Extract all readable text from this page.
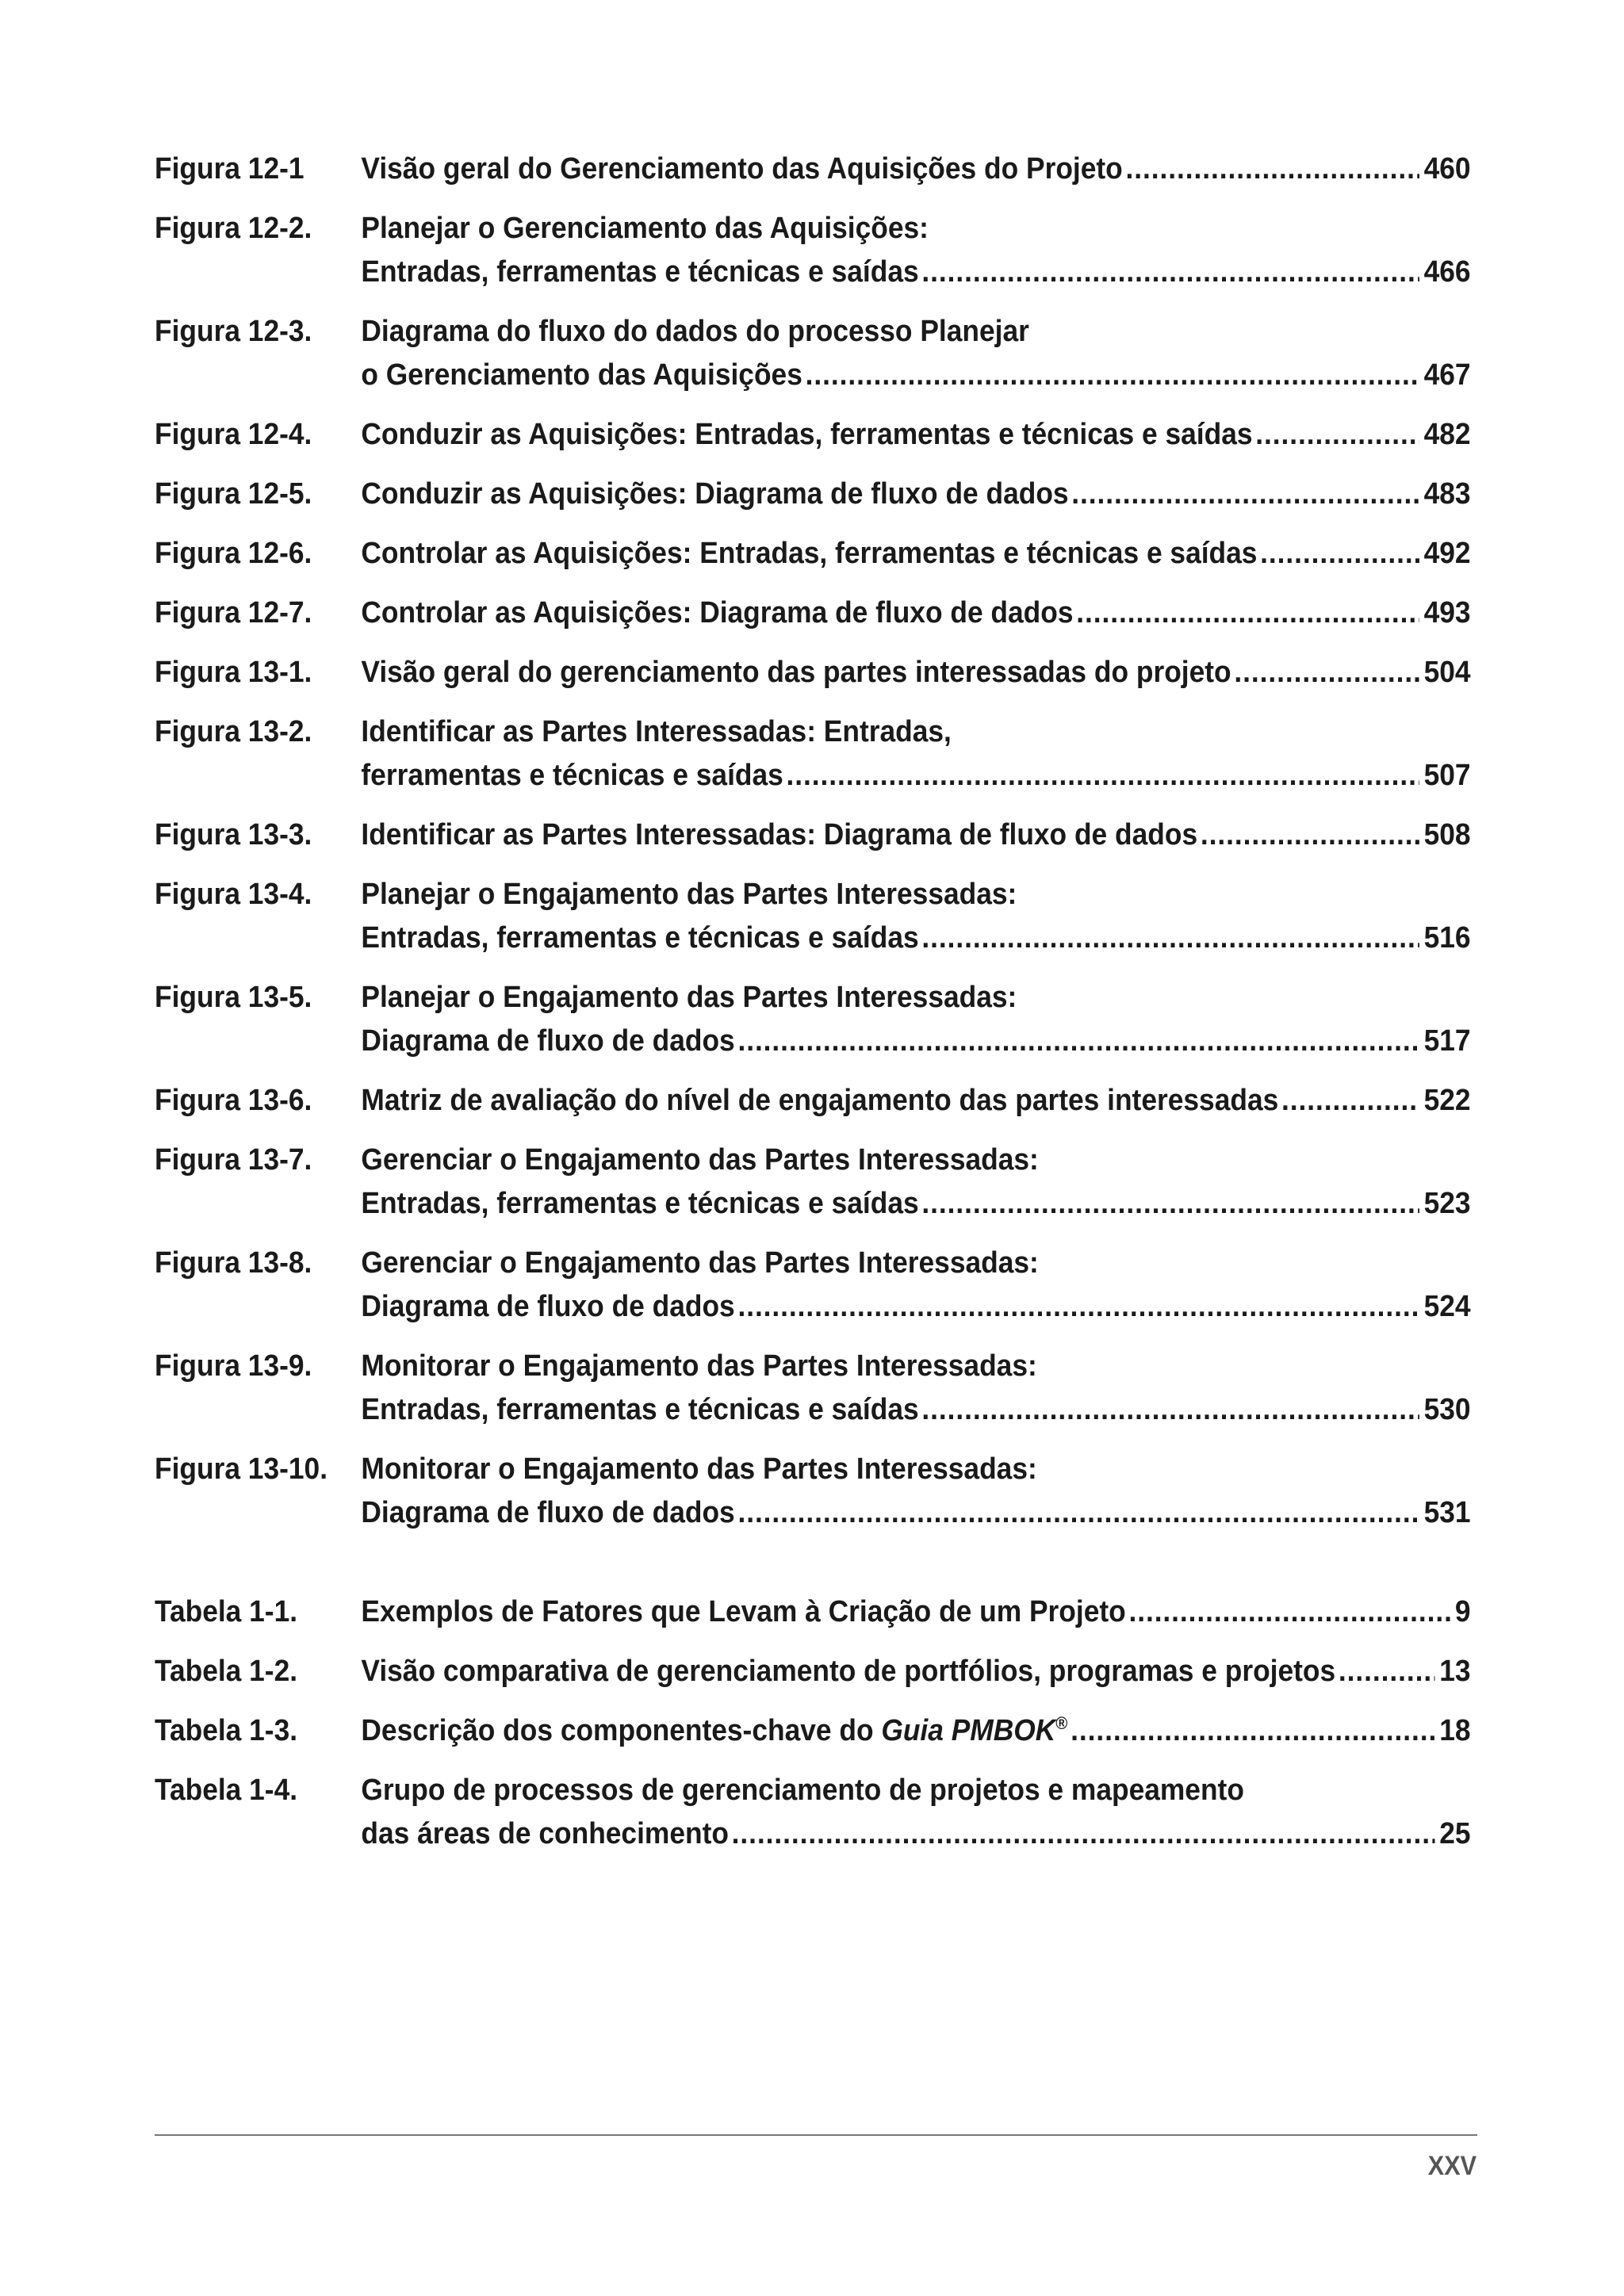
Figura 12-1	Visão geral do Gerenciamento das Aquisições do Projeto .....	460
Figura 12-2.	Planejar o Gerenciamento das Aquisições:
Entradas, ferramentas e técnicas e saídas .....	466
Figura 12-3.	Diagrama do fluxo do dados do processo Planejar
o Gerenciamento das Aquisições .....	467
Figura 12-4.	Conduzir as Aquisições: Entradas, ferramentas e técnicas e saídas .....	482
Figura 12-5.	Conduzir as Aquisições: Diagrama de fluxo de dados .....	483
Figura 12-6.	Controlar as Aquisições: Entradas, ferramentas e técnicas e saídas .....	492
Figura 12-7.	Controlar as Aquisições: Diagrama de fluxo de dados .....	493
Figura 13-1.	Visão geral do gerenciamento das partes interessadas do projeto .....	504
Figura 13-2.	Identificar as Partes Interessadas: Entradas,
ferramentas e técnicas e saídas .....	507
Figura 13-3.	Identificar as Partes Interessadas: Diagrama de fluxo de dados .....	508
Figura 13-4.	Planejar o Engajamento das Partes Interessadas:
Entradas, ferramentas e técnicas e saídas .....	516
Figura 13-5.	Planejar o Engajamento das Partes Interessadas:
Diagrama de fluxo de dados .....	517
Figura 13-6.	Matriz de avaliação do nível de engajamento das partes interessadas .....	522
Figura 13-7.	Gerenciar o Engajamento das Partes Interessadas:
Entradas, ferramentas e técnicas e saídas .....	523
Figura 13-8.	Gerenciar o Engajamento das Partes Interessadas:
Diagrama de fluxo de dados .....	524
Figura 13-9.	Monitorar o Engajamento das Partes Interessadas:
Entradas, ferramentas e técnicas e saídas .....	530
Figura 13-10.	Monitorar o Engajamento das Partes Interessadas:
Diagrama de fluxo de dados .....	531
Tabela 1-1.	Exemplos de Fatores que Levam à Criação de um Projeto .....	9
Tabela 1-2.	Visão comparativa de gerenciamento de portfólios, programas e projetos .....	13
Tabela 1-3.	Descrição dos componentes-chave do Guia PMBOK® .....	18
Tabela 1-4.	Grupo de processos de gerenciamento de projetos e mapeamento
das áreas de conhecimento .....	25
XXV
